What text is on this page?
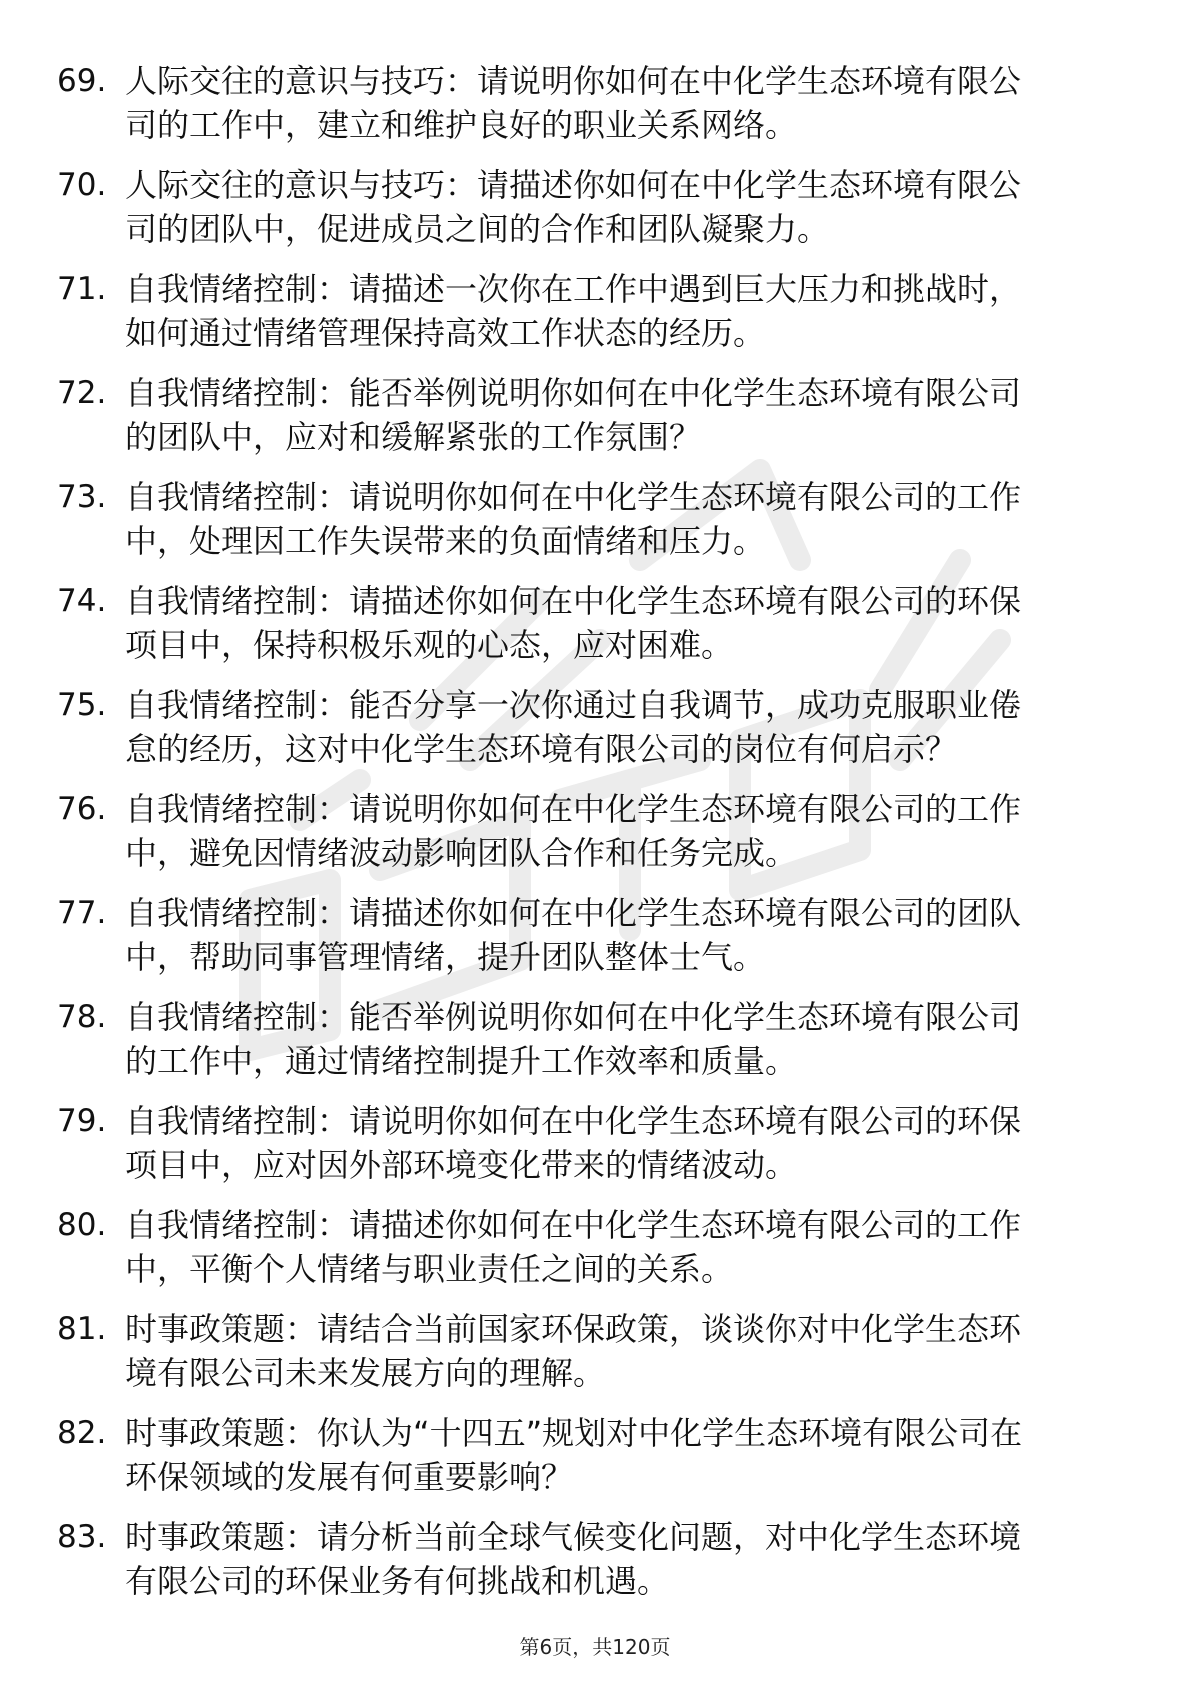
69. 人际交往的意识与技巧：请说明你如何在中化学生态环境有限公
司的工作中，建立和维护良好的职业关系网络。
70. 人际交往的意识与技巧：请描述你如何在中化学生态环境有限公
司的团队中，促进成员之间的合作和团队凝聚力。
71. 自我情绪控制：请描述一次你在工作中遇到巨大压力和挑战时，
如何通过情绪管理保持高效工作状态的经历。
72. 自我情绪控制：能否举例说明你如何在中化学生态环境有限公司
的团队中，应对和缓解紧张的工作氛围？
73. 自我情绪控制：请说明你如何在中化学生态环境有限公司的工作
中，处理因工作失误带来的负面情绪和压力。
74. 自我情绪控制：请描述你如何在中化学生态环境有限公司的环保
项目中，保持积极乐观的心态，应对困难。
75. 自我情绪控制：能否分享一次你通过自我调节，成功克服职业倦
怠的经历，这对中化学生态环境有限公司的岗位有何启示？
76. 自我情绪控制：请说明你如何在中化学生态环境有限公司的工作
中，避免因情绪波动影响团队合作和任务完成。
77. 自我情绪控制：请描述你如何在中化学生态环境有限公司的团队
中，帮助同事管理情绪，提升团队整体士气。
78. 自我情绪控制：能否举例说明你如何在中化学生态环境有限公司
的工作中，通过情绪控制提升工作效率和质量。
79. 自我情绪控制：请说明你如何在中化学生态环境有限公司的环保
项目中，应对因外部环境变化带来的情绪波动。
80. 自我情绪控制：请描述你如何在中化学生态环境有限公司的工作
中，平衡个人情绪与职业责任之间的关系。
81. 时事政策题：请结合当前国家环保政策，谈谈你对中化学生态环
境有限公司未来发展方向的理解。
82. 时事政策题：你认为“十四五”规划对中化学生态环境有限公司在
环保领域的发展有何重要影响？
83. 时事政策题：请分析当前全球气候变化问题，对中化学生态环境
有限公司的环保业务有何挑战和机遇。
第6页，共120页
